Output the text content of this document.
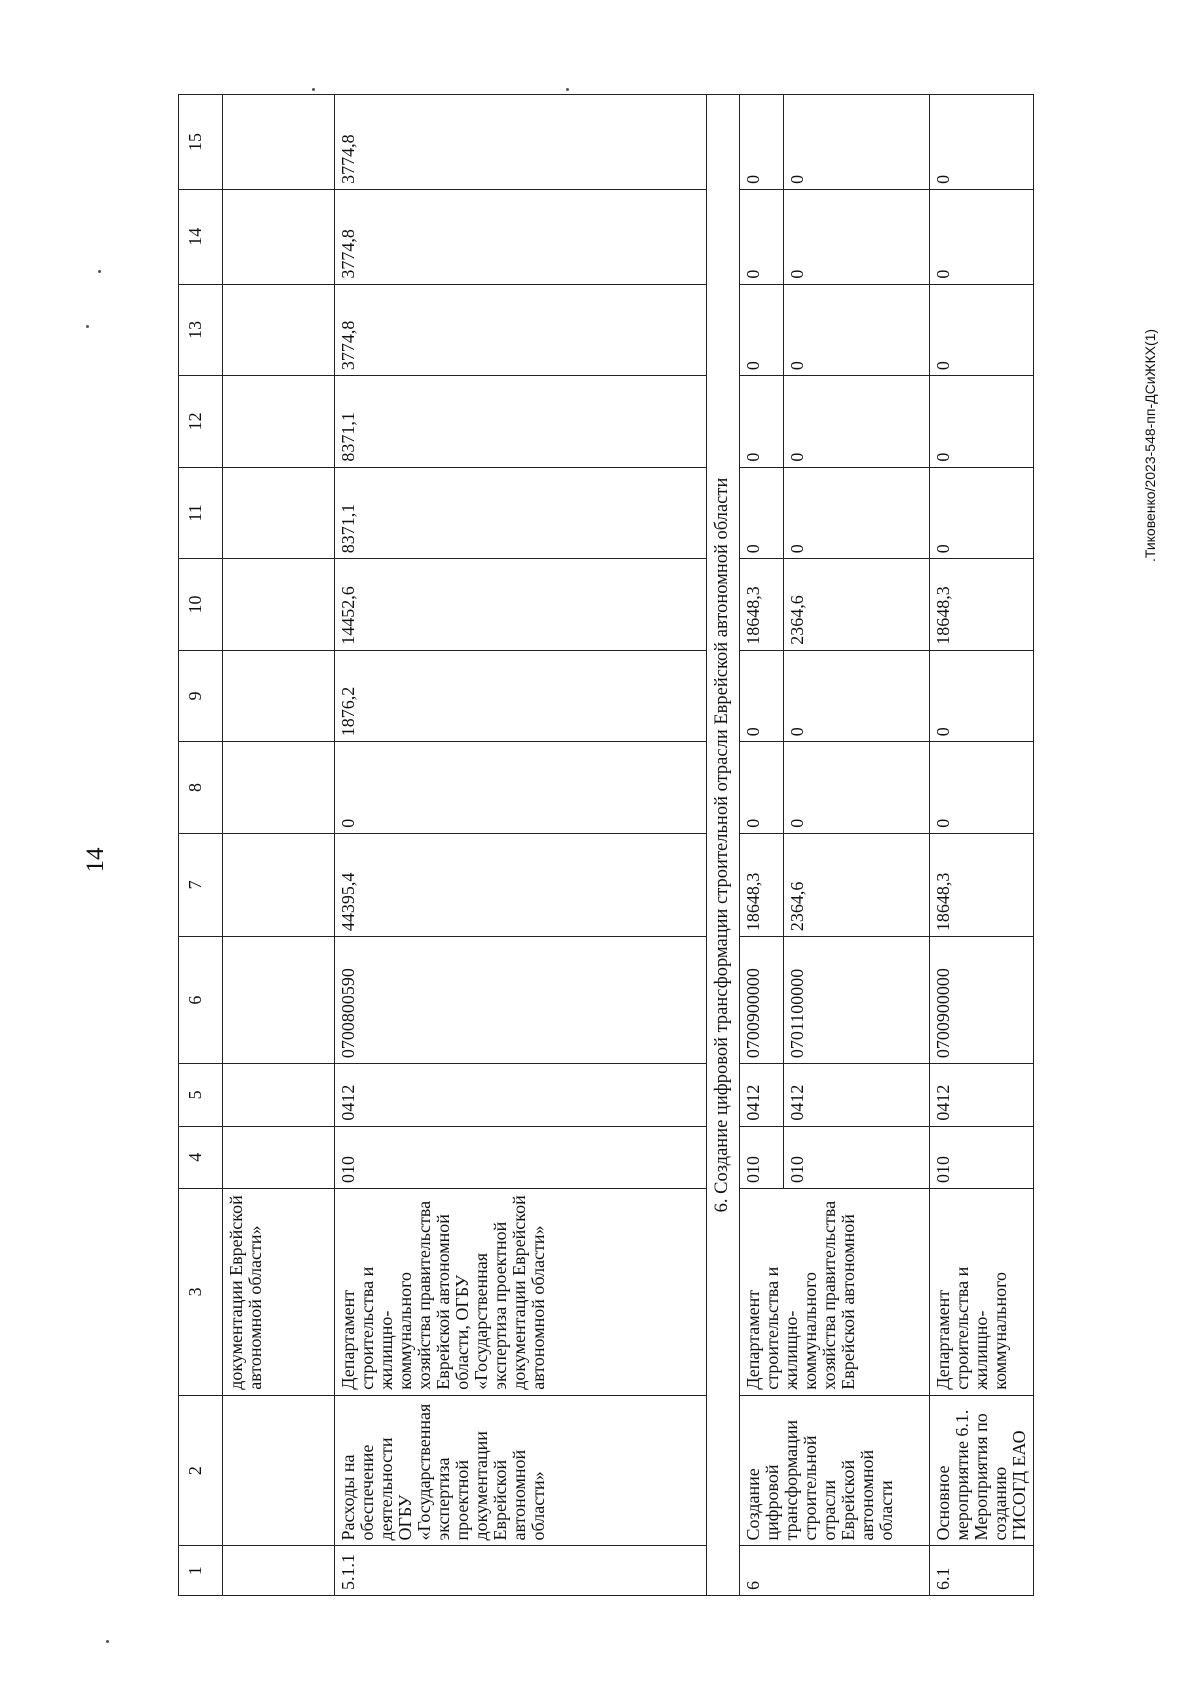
14
.Тиковенко/2023-548-пп-ДСиЖКХ(1)
1	2	3	4	5	6	7	8	9	10	11	12	13	14	15
		документации Еврейской автономной области»												
5.1.1	Расходы на обеспечение деятельности ОГБУ «Государственная экспертиза проектной документации Еврейской автономной области»	Департамент строительства и жилищно-коммунального хозяйства правительства Еврейской автономной области, ОГБУ «Государственная экспертиза проектной документации Еврейской автономной области»	010	0412	0700800590	44395,4	0	1876,2	14452,6	8371,1	8371,1	3774,8	3774,8	3774,8
6. Создание цифровой трансформации строительной отрасли Еврейской автономной области														
6	Создание цифровой трансформации строительной отрасли Еврейской автономной области	Департамент строительства и жилищно-коммунального хозяйства правительства Еврейской автономной	010	0412	0700900000	18648,3	0	0	18648,3	0	0	0	0	0
			010	0412	0701100000	2364,6	0	0	2364,6	0	0	0	0	0
6.1	Основное мероприятие 6.1. Мероприятия по созданию ГИСОГД ЕАО	Департамент строительства и жилищно-коммунального	010	0412	0700900000	18648,3	0	0	18648,3	0	0	0	0	0
